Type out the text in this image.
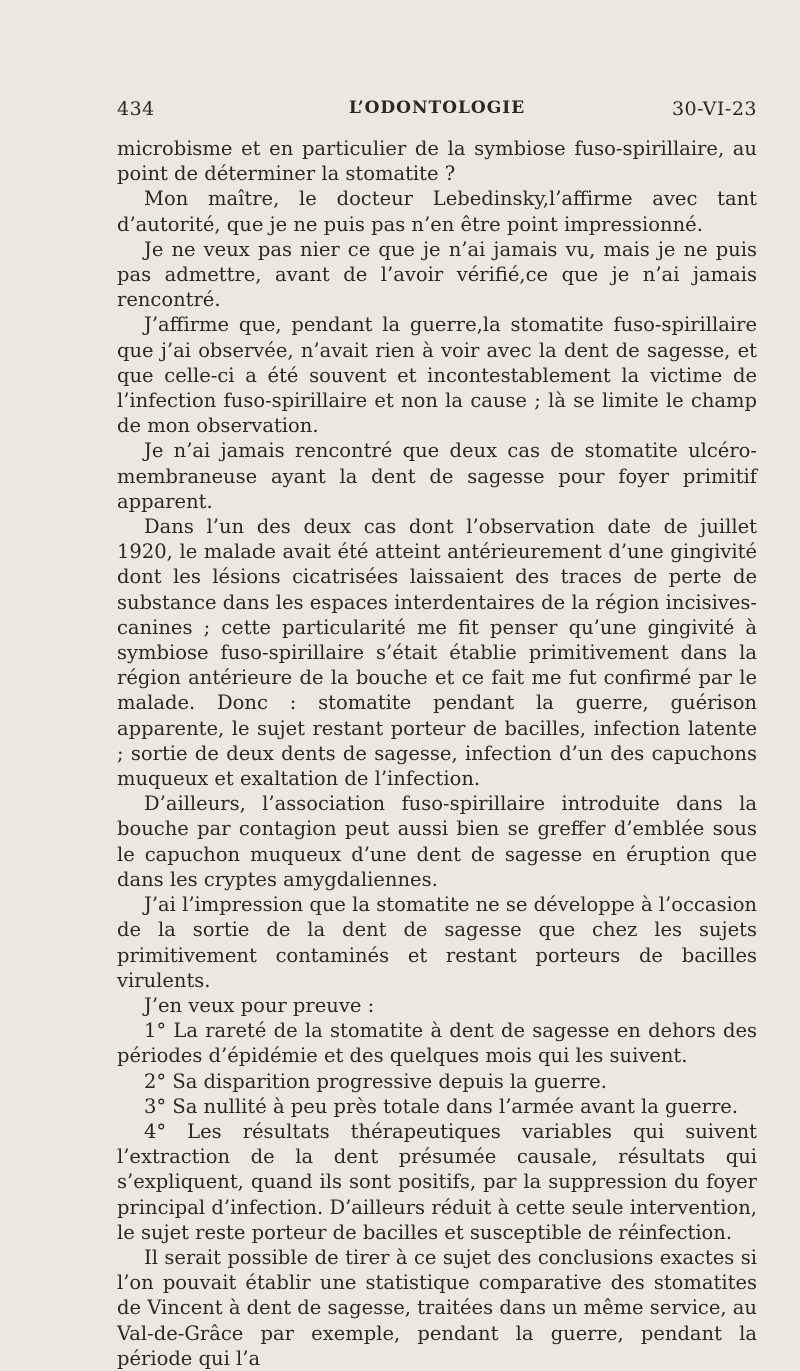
434	L’ODONTOLOGIE	30-VI-23

microbisme et en particulier de la symbiose fuso-spirillaire, au point de déterminer la stomatite ?

Mon maître, le docteur Lebedinsky,l’affirme avec tant d’autorité, que je ne puis pas n’en être point impressionné.

Je ne veux pas nier ce que je n’ai jamais vu, mais je ne puis pas admettre, avant de l’avoir vérifié,ce que je n’ai jamais rencontré.

J’affirme que, pendant la guerre,la stomatite fuso-spirillaire que j’ai observée, n’avait rien à voir avec la dent de sagesse, et que celle-ci a été souvent et incontestablement la victime de l’infection fuso-spirillaire et non la cause ; là se limite le champ de mon observation.

Je n’ai jamais rencontré que deux cas de stomatite ulcéro-membraneuse ayant la dent de sagesse pour foyer primitif apparent.

Dans l’un des deux cas dont l’observation date de juillet 1920, le malade avait été atteint antérieurement d’une gingivité dont les lésions cicatrisées laissaient des traces de perte de substance dans les espaces interdentaires de la région incisives-canines ; cette particularité me fit penser qu’une gingivité à symbiose fuso-spirillaire s’était établie primitivement dans la région antérieure de la bouche et ce fait me fut confirmé par le malade. Donc : stomatite pendant la guerre, guérison apparente, le sujet restant porteur de bacilles, infection latente ; sortie de deux dents de sagesse, infection d’un des capuchons muqueux et exaltation de l’infection.

D’ailleurs, l’association fuso-spirillaire introduite dans la bouche par contagion peut aussi bien se greffer d’emblée sous le capuchon muqueux d’une dent de sagesse en éruption que dans les cryptes amygdaliennes.

J’ai l’impression que la stomatite ne se développe à l’occasion de la sortie de la dent de sagesse que chez les sujets primitivement contaminés et restant porteurs de bacilles virulents.

J’en veux pour preuve :

1° La rareté de la stomatite à dent de sagesse en dehors des périodes d’épidémie et des quelques mois qui les suivent.

2° Sa disparition progressive depuis la guerre.

3° Sa nullité à peu près totale dans l’armée avant la guerre.

4° Les résultats thérapeutiques variables qui suivent l’extraction de la dent présumée causale, résultats qui s’expliquent, quand ils sont positifs, par la suppression du foyer principal d’infection. D’ailleurs réduit à cette seule intervention, le sujet reste porteur de bacilles et susceptible de réinfection.

Il serait possible de tirer à ce sujet des conclusions exactes si l’on pouvait établir une statistique comparative des stomatites de Vincent à dent de sagesse, traitées dans un même service, au Val-de-Grâce par exemple, pendant la guerre, pendant la période qui l’a
